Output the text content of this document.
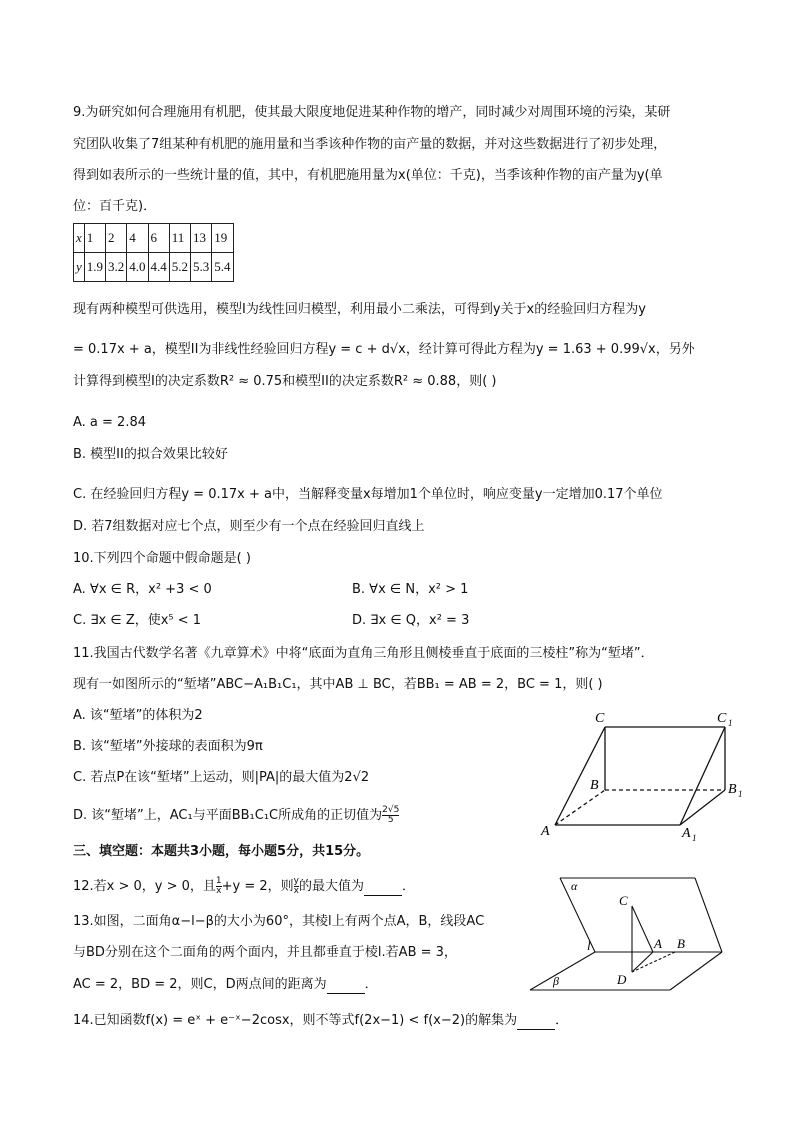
9.为研究如何合理施用有机肥，使其最大限度地促进某种作物的增产，同时减少对周围环境的污染，某研
究团队收集了7组某种有机肥的施用量和当季该种作物的亩产量的数据，并对这些数据进行了初步处理，
得到如表所示的一些统计量的值，其中，有机肥施用量为x(单位：千克)，当季该种作物的亩产量为y(单
位：百千克)．
x	1	2	4	6	11	13	19
y	1.9	3.2	4.0	4.4	5.2	5.3	5.4
现有两种模型可供选用，模型I为线性回归模型，利用最小二乘法，可得到y关于x的经验回归方程为y
= 0.17x + a，模型II为非线性经验回归方程y = c + d√x，经计算可得此方程为y = 1.63 + 0.99√x，另外
计算得到模型I的决定系数R² ≈ 0.75和模型II的决定系数R² ≈ 0.88，则( )
A. a = 2.84
B. 模型II的拟合效果比较好
C. 在经验回归方程y = 0.17x + a中，当解释变量x每增加1个单位时，响应变量y一定增加0.17个单位
D. 若7组数据对应七个点，则至少有一个点在经验回归直线上
10.下列四个命题中假命题是( )
A. ∀x ∈ R，x² +3 < 0	B. ∀x ∈ N，x² > 1
C. ∃x ∈ Z，使x⁵ < 1	D. ∃x ∈ Q，x² = 3
11.我国古代数学名著《九章算术》中将“底面为直角三角形且侧棱垂直于底面的三棱柱”称为“堑堵”．
现有一如图所示的“堑堵”ABC−A₁B₁C₁，其中AB ⊥ BC，若BB₁ = AB = 2，BC = 1，则( )
A. 该“堑堵”的体积为2
B. 该“堑堵”外接球的表面积为9π
C. 若点P在该“堑堵”上运动，则|PA|的最大值为2√2
D. 该“堑堵”上，AC₁与平面BB₁C₁C所成角的正切值为 $\frac{2√5}{5}$
C	C 1
B	B 1
A	A 1
三、填空题：本题共3小题，每小题5分，共15分。
12.若x > 0，y > 0，且 $\frac{1}{x} +y = 2$，则 $\frac{y}{x}$ 的最大值为	．
13.如图，二面角α−l−β的大小为60°，其棱l上有两个点A，B，线段AC
与BD分别在这个二面角的两个面内，并且都垂直于棱l.若AB = 3，
AC = 2，BD = 2，则C，D两点间的距离为	．
α
β
l
C
A B
D
14.已知函数f(x) = eˣ + e⁻ˣ−2cosx，则不等式f(2x−1) < f(x−2)的解集为	．
